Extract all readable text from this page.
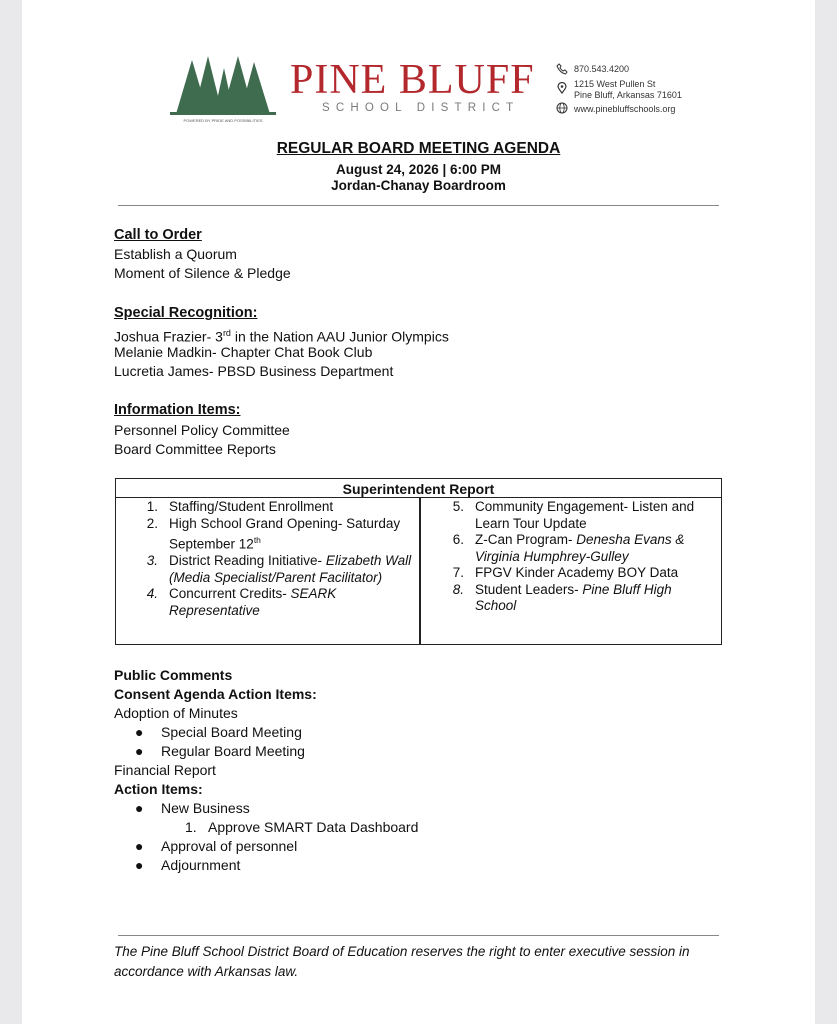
POWERED BY PRIDE AND POSSIBILITIES
PINE BLUFF
SCHOOL DISTRICT
870.543.4200
1215 West Pullen St
Pine Bluff, Arkansas 71601
www.pinebluffschools.org
REGULAR BOARD MEETING AGENDA
August 24, 2026 | 6:00 PM
Jordan-Chanay Boardroom
Call to Order
Establish a Quorum
Moment of Silence & Pledge
Special Recognition:
Joshua Frazier- 3rd in the Nation AAU Junior Olympics
Melanie Madkin- Chapter Chat Book Club
Lucretia James- PBSD Business Department
Information Items:
Personnel Policy Committee
Board Committee Reports
Superintendent Report
1. Staffing/Student Enrollment
2. High School Grand Opening- Saturday September 12th
3. District Reading Initiative- Elizabeth Wall (Media Specialist/Parent Facilitator)
4. Concurrent Credits- SEARK Representative
5. Community Engagement- Listen and Learn Tour Update
6. Z-Can Program- Denesha Evans & Virginia Humphrey-Gulley
7. FPGV Kinder Academy BOY Data
8. Student Leaders- Pine Bluff High School
Public Comments
Consent Agenda Action Items:
Adoption of Minutes
● Special Board Meeting
● Regular Board Meeting
Financial Report
Action Items:
● New Business
1. Approve SMART Data Dashboard
● Approval of personnel
● Adjournment
The Pine Bluff School District Board of Education reserves the right to enter executive session in accordance with Arkansas law.
